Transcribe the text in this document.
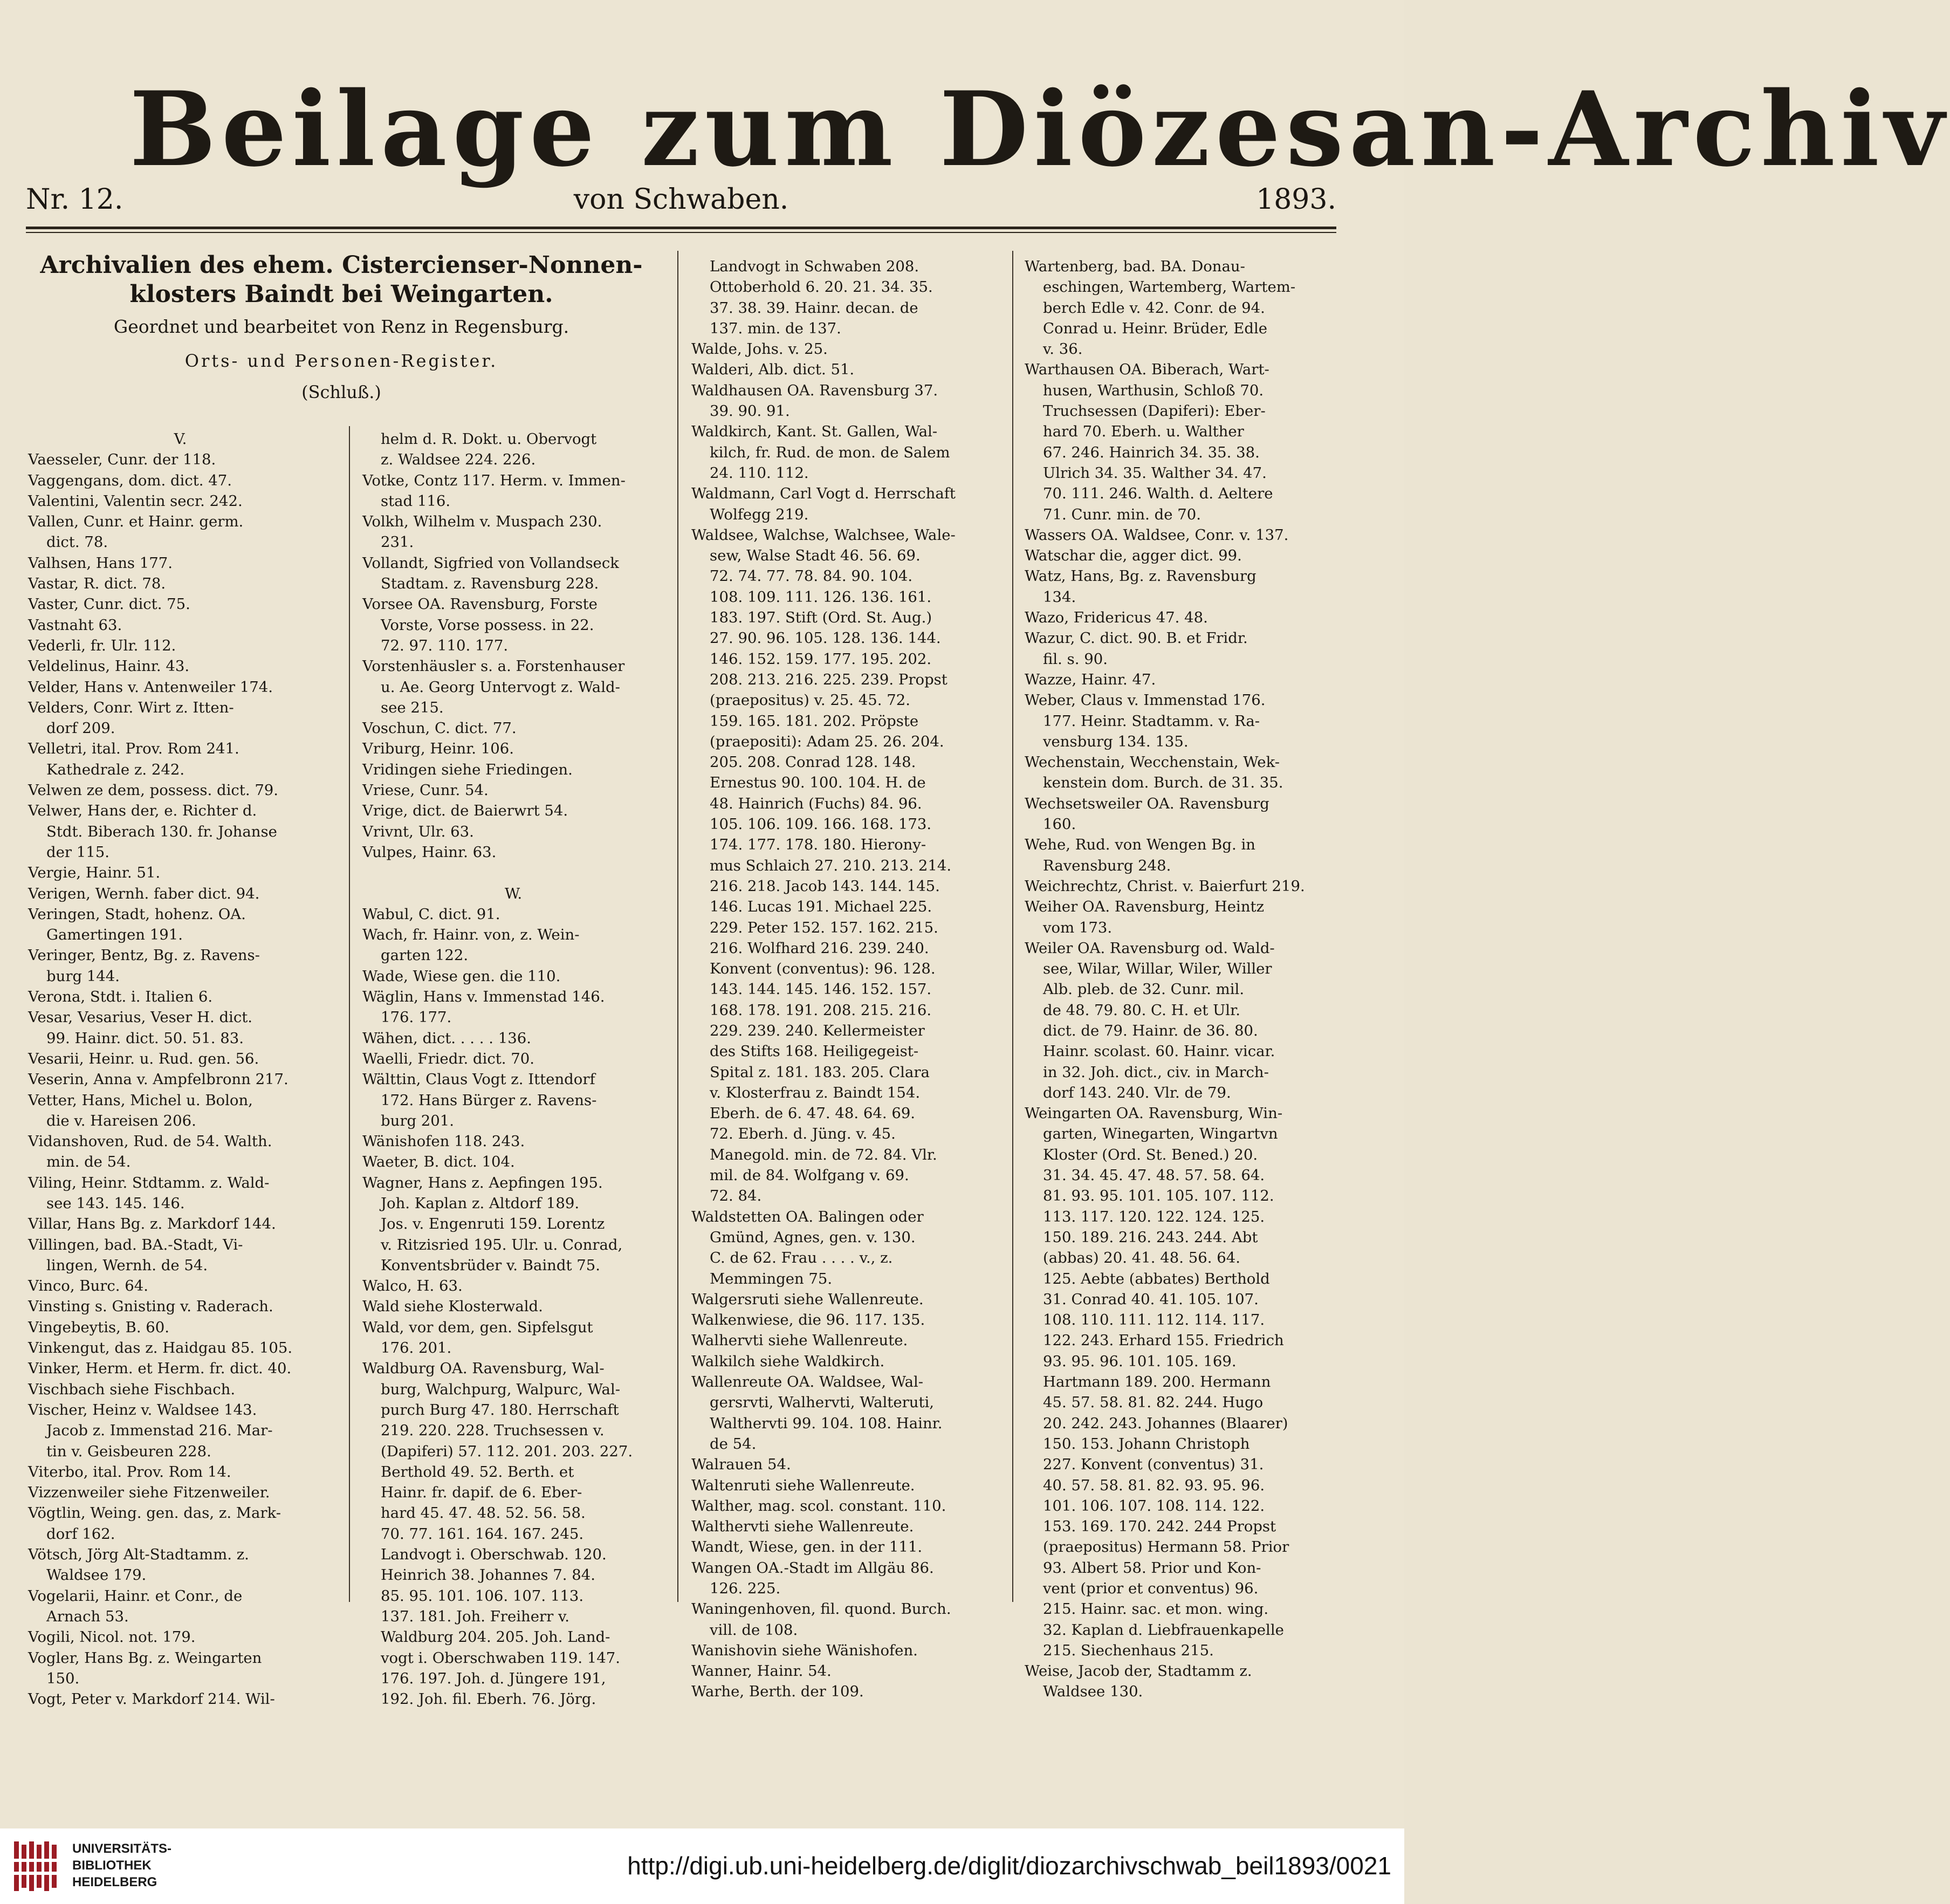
Beilage zum Diözesan-Archiv
Nr. 12.	von Schwaben.	1893.
Archivalien des ehem. Cistercienser-Nonnen-
klosters Baindt bei Weingarten.
Geordnet und bearbeitet von Renz in Regensburg.
Orts- und Personen-Register.
(Schluß.)
V.
Vaesseler, Cunr. der 118.
Vaggengans, dom. dict. 47.
Valentini, Valentin secr. 242.
Vallen, Cunr. et Hainr. germ.
dict. 78.
Valhsen, Hans 177.
Vastar, R. dict. 78.
Vaster, Cunr. dict. 75.
Vastnaht 63.
Vederli, fr. Ulr. 112.
Veldelinus, Hainr. 43.
Velder, Hans v. Antenweiler 174.
Velders, Conr. Wirt z. Itten-
dorf 209.
Velletri, ital. Prov. Rom 241.
Kathedrale z. 242.
Velwen ze dem, possess. dict. 79.
Velwer, Hans der, e. Richter d.
Stdt. Biberach 130. fr. Johanse
der 115.
Vergie, Hainr. 51.
Verigen, Wernh. faber dict. 94.
Veringen, Stadt, hohenz. OA.
Gamertingen 191.
Veringer, Bentz, Bg. z. Ravens-
burg 144.
Verona, Stdt. i. Italien 6.
Vesar, Vesarius, Veser H. dict.
99. Hainr. dict. 50. 51. 83.
Vesarii, Heinr. u. Rud. gen. 56.
Veserin, Anna v. Ampfelbronn 217.
Vetter, Hans, Michel u. Bolon,
die v. Hareisen 206.
Vidanshoven, Rud. de 54. Walth.
min. de 54.
Viling, Heinr. Stdtamm. z. Wald-
see 143. 145. 146.
Villar, Hans Bg. z. Markdorf 144.
Villingen, bad. BA.-Stadt, Vi-
lingen, Wernh. de 54.
Vinco, Burc. 64.
Vinsting s. Gnisting v. Raderach.
Vingebeytis, B. 60.
Vinkengut, das z. Haidgau 85. 105.
Vinker, Herm. et Herm. fr. dict. 40.
Vischbach siehe Fischbach.
Vischer, Heinz v. Waldsee 143.
Jacob z. Immenstad 216. Mar-
tin v. Geisbeuren 228.
Viterbo, ital. Prov. Rom 14.
Vizzenweiler siehe Fitzenweiler.
Vögtlin, Weing. gen. das, z. Mark-
dorf 162.
Vötsch, Jörg Alt-Stadtamm. z.
Waldsee 179.
Vogelarii, Hainr. et Conr., de
Arnach 53.
Vogili, Nicol. not. 179.
Vogler, Hans Bg. z. Weingarten
150.
Vogt, Peter v. Markdorf 214. Wil-
helm d. R. Dokt. u. Obervogt
z. Waldsee 224. 226.
Votke, Contz 117. Herm. v. Immen-
stad 116.
Volkh, Wilhelm v. Muspach 230.
231.
Vollandt, Sigfried von Vollandseck
Stadtam. z. Ravensburg 228.
Vorsee OA. Ravensburg, Forste
Vorste, Vorse possess. in 22.
72. 97. 110. 177.
Vorstenhäusler s. a. Forstenhauser
u. Ae. Georg Untervogt z. Wald-
see 215.
Voschun, C. dict. 77.
Vriburg, Heinr. 106.
Vridingen siehe Friedingen.
Vriese, Cunr. 54.
Vrige, dict. de Baierwrt 54.
Vrivnt, Ulr. 63.
Vulpes, Hainr. 63.

W.
Wabul, C. dict. 91.
Wach, fr. Hainr. von, z. Wein-
garten 122.
Wade, Wiese gen. die 110.
Wäglin, Hans v. Immenstad 146.
176. 177.
Wähen, dict. . . . . 136.
Waelli, Friedr. dict. 70.
Wälttin, Claus Vogt z. Ittendorf
172. Hans Bürger z. Ravens-
burg 201.
Wänishofen 118. 243.
Waeter, B. dict. 104.
Wagner, Hans z. Aepfingen 195.
Joh. Kaplan z. Altdorf 189.
Jos. v. Engenruti 159. Lorentz
v. Ritzisried 195. Ulr. u. Conrad,
Konventsbrüder v. Baindt 75.
Walco, H. 63.
Wald siehe Klosterwald.
Wald, vor dem, gen. Sipfelsgut
176. 201.
Waldburg OA. Ravensburg, Wal-
burg, Walchpurg, Walpurc, Wal-
purch Burg 47. 180. Herrschaft
219. 220. 228. Truchsessen v.
(Dapiferi) 57. 112. 201. 203. 227.
Berthold 49. 52. Berth. et
Hainr. fr. dapif. de 6. Eber-
hard 45. 47. 48. 52. 56. 58.
70. 77. 161. 164. 167. 245.
Landvogt i. Oberschwab. 120.
Heinrich 38. Johannes 7. 84.
85. 95. 101. 106. 107. 113.
137. 181. Joh. Freiherr v.
Waldburg 204. 205. Joh. Land-
vogt i. Oberschwaben 119. 147.
176. 197. Joh. d. Jüngere 191,
192. Joh. fil. Eberh. 76. Jörg.
Landvogt in Schwaben 208.
Ottoberhold 6. 20. 21. 34. 35.
37. 38. 39. Hainr. decan. de
137. min. de 137.
Walde, Johs. v. 25.
Walderi, Alb. dict. 51.
Waldhausen OA. Ravensburg 37.
39. 90. 91.
Waldkirch, Kant. St. Gallen, Wal-
kilch, fr. Rud. de mon. de Salem
24. 110. 112.
Waldmann, Carl Vogt d. Herrschaft
Wolfegg 219.
Waldsee, Walchse, Walchsee, Wale-
sew, Walse Stadt 46. 56. 69.
72. 74. 77. 78. 84. 90. 104.
108. 109. 111. 126. 136. 161.
183. 197. Stift (Ord. St. Aug.)
27. 90. 96. 105. 128. 136. 144.
146. 152. 159. 177. 195. 202.
208. 213. 216. 225. 239. Propst
(praepositus) v. 25. 45. 72.
159. 165. 181. 202. Pröpste
(praepositi): Adam 25. 26. 204.
205. 208. Conrad 128. 148.
Ernestus 90. 100. 104. H. de
48. Hainrich (Fuchs) 84. 96.
105. 106. 109. 166. 168. 173.
174. 177. 178. 180. Hierony-
mus Schlaich 27. 210. 213. 214.
216. 218. Jacob 143. 144. 145.
146. Lucas 191. Michael 225.
229. Peter 152. 157. 162. 215.
216. Wolfhard 216. 239. 240.
Konvent (conventus): 96. 128.
143. 144. 145. 146. 152. 157.
168. 178. 191. 208. 215. 216.
229. 239. 240. Kellermeister
des Stifts 168. Heiligegeist-
Spital z. 181. 183. 205. Clara
v. Klosterfrau z. Baindt 154.
Eberh. de 6. 47. 48. 64. 69.
72. Eberh. d. Jüng. v. 45.
Manegold. min. de 72. 84. Vlr.
mil. de 84. Wolfgang v. 69.
72. 84.
Waldstetten OA. Balingen oder
Gmünd, Agnes, gen. v. 130.
C. de 62. Frau . . . . v., z.
Memmingen 75.
Walgersruti siehe Wallenreute.
Walkenwiese, die 96. 117. 135.
Walhervti siehe Wallenreute.
Walkilch siehe Waldkirch.
Wallenreute OA. Waldsee, Wal-
gersrvti, Walhervti, Walteruti,
Walthervti 99. 104. 108. Hainr.
de 54.
Walrauen 54.
Waltenruti siehe Wallenreute.
Walther, mag. scol. constant. 110.
Walthervti siehe Wallenreute.
Wandt, Wiese, gen. in der 111.
Wangen OA.-Stadt im Allgäu 86.
126. 225.
Waningenhoven, fil. quond. Burch.
vill. de 108.
Wanishovin siehe Wänishofen.
Wanner, Hainr. 54.
Warhe, Berth. der 109.
Wartenberg, bad. BA. Donau-
eschingen, Wartemberg, Wartem-
berch Edle v. 42. Conr. de 94.
Conrad u. Heinr. Brüder, Edle
v. 36.
Warthausen OA. Biberach, Wart-
husen, Warthusin, Schloß 70.
Truchsessen (Dapiferi): Eber-
hard 70. Eberh. u. Walther
67. 246. Hainrich 34. 35. 38.
Ulrich 34. 35. Walther 34. 47.
70. 111. 246. Walth. d. Aeltere
71. Cunr. min. de 70.
Wassers OA. Waldsee, Conr. v. 137.
Watschar die, agger dict. 99.
Watz, Hans, Bg. z. Ravensburg
134.
Wazo, Fridericus 47. 48.
Wazur, C. dict. 90. B. et Fridr.
fil. s. 90.
Wazze, Hainr. 47.
Weber, Claus v. Immenstad 176.
177. Heinr. Stadtamm. v. Ra-
vensburg 134. 135.
Wechenstain, Wecchenstain, Wek-
kenstein dom. Burch. de 31. 35.
Wechsetsweiler OA. Ravensburg
160.
Wehe, Rud. von Wengen Bg. in
Ravensburg 248.
Weichrechtz, Christ. v. Baierfurt 219.
Weiher OA. Ravensburg, Heintz
vom 173.
Weiler OA. Ravensburg od. Wald-
see, Wilar, Willar, Wiler, Willer
Alb. pleb. de 32. Cunr. mil.
de 48. 79. 80. C. H. et Ulr.
dict. de 79. Hainr. de 36. 80.
Hainr. scolast. 60. Hainr. vicar.
in 32. Joh. dict., civ. in March-
dorf 143. 240. Vlr. de 79.
Weingarten OA. Ravensburg, Win-
garten, Winegarten, Wingartvn
Kloster (Ord. St. Bened.) 20.
31. 34. 45. 47. 48. 57. 58. 64.
81. 93. 95. 101. 105. 107. 112.
113. 117. 120. 122. 124. 125.
150. 189. 216. 243. 244. Abt
(abbas) 20. 41. 48. 56. 64.
125. Aebte (abbates) Berthold
31. Conrad 40. 41. 105. 107.
108. 110. 111. 112. 114. 117.
122. 243. Erhard 155. Friedrich
93. 95. 96. 101. 105. 169.
Hartmann 189. 200. Hermann
45. 57. 58. 81. 82. 244. Hugo
20. 242. 243. Johannes (Blaarer)
150. 153. Johann Christoph
227. Konvent (conventus) 31.
40. 57. 58. 81. 82. 93. 95. 96.
101. 106. 107. 108. 114. 122.
153. 169. 170. 242. 244 Propst
(praepositus) Hermann 58. Prior
93. Albert 58. Prior und Kon-
vent (prior et conventus) 96.
215. Hainr. sac. et mon. wing.
32. Kaplan d. Liebfrauenkapelle
215. Siechenhaus 215.
Weise, Jacob der, Stadtamm z.
Waldsee 130.
UNIVERSITÄTS-
BIBLIOTHEK
HEIDELBERG
http://digi.ub.uni-heidelberg.de/diglit/diozarchivschwab_beil1893/0021
